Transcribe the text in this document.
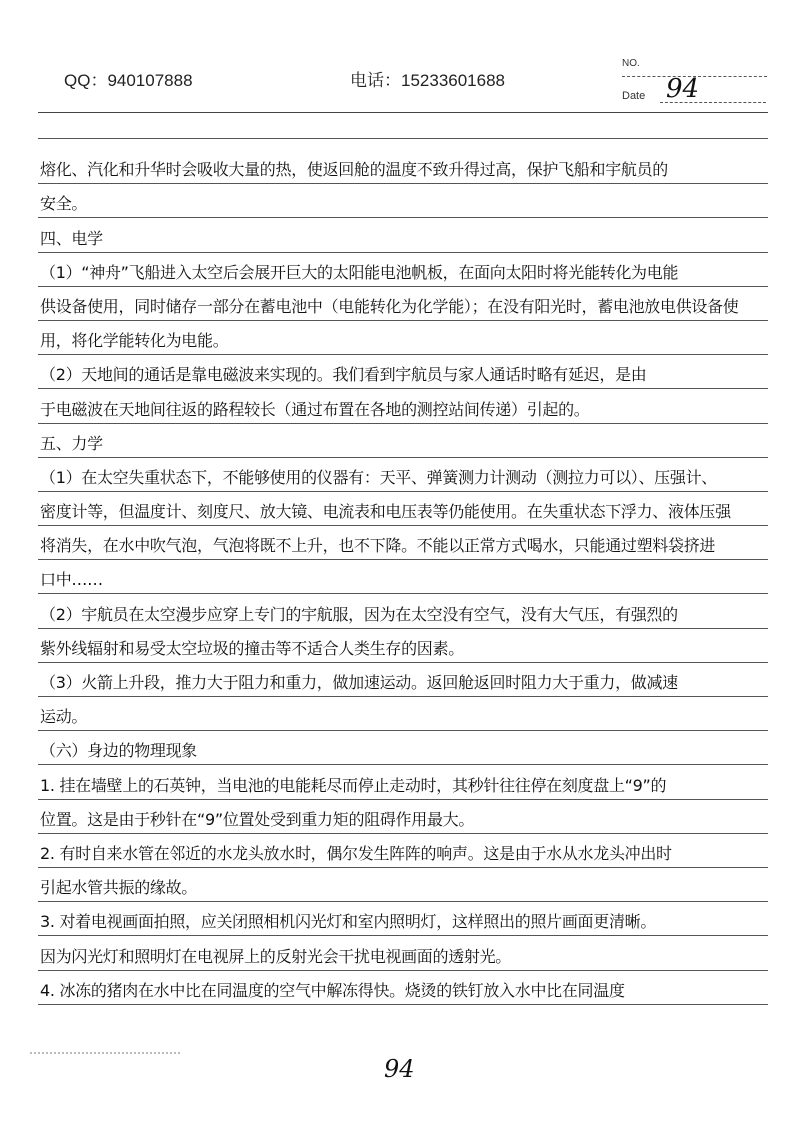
QQ：940107888	电话：15233601688
NO.
Date 94
熔化、汽化和升华时会吸收大量的热，使返回舱的温度不致升得过高，保护飞船和宇航员的
安全。
四、电学
（1）“神舟”飞船进入太空后会展开巨大的太阳能电池帆板，在面向太阳时将光能转化为电能
供设备使用，同时储存一部分在蓄电池中（电能转化为化学能）；在没有阳光时，蓄电池放电供设备使
用，将化学能转化为电能。
（2）天地间的通话是靠电磁波来实现的。我们看到宇航员与家人通话时略有延迟，是由
于电磁波在天地间往返的路程较长（通过布置在各地的测控站间传递）引起的。
五、力学
（1）在太空失重状态下，不能够使用的仪器有：天平、弹簧测力计测动（测拉力可以）、压强计、
密度计等，但温度计、刻度尺、放大镜、电流表和电压表等仍能使用。在失重状态下浮力、液体压强
将消失，在水中吹气泡，气泡将既不上升，也不下降。不能以正常方式喝水，只能通过塑料袋挤进
口中……
（2）宇航员在太空漫步应穿上专门的宇航服，因为在太空没有空气，没有大气压，有强烈的
紫外线辐射和易受太空垃圾的撞击等不适合人类生存的因素。
（3）火箭上升段，推力大于阻力和重力，做加速运动。返回舱返回时阻力大于重力，做减速
运动。
（六）身边的物理现象
1. 挂在墙壁上的石英钟，当电池的电能耗尽而停止走动时，其秒针往往停在刻度盘上“9”的
位置。这是由于秒针在“9”位置处受到重力矩的阻碍作用最大。
2. 有时自来水管在邻近的水龙头放水时，偶尔发生阵阵的响声。这是由于水从水龙头冲出时
引起水管共振的缘故。
3. 对着电视画面拍照，应关闭照相机闪光灯和室内照明灯，这样照出的照片画面更清晰。
因为闪光灯和照明灯在电视屏上的反射光会干扰电视画面的透射光。
4. 冰冻的猪肉在水中比在同温度的空气中解冻得快。烧烫的铁钉放入水中比在同温度
94
